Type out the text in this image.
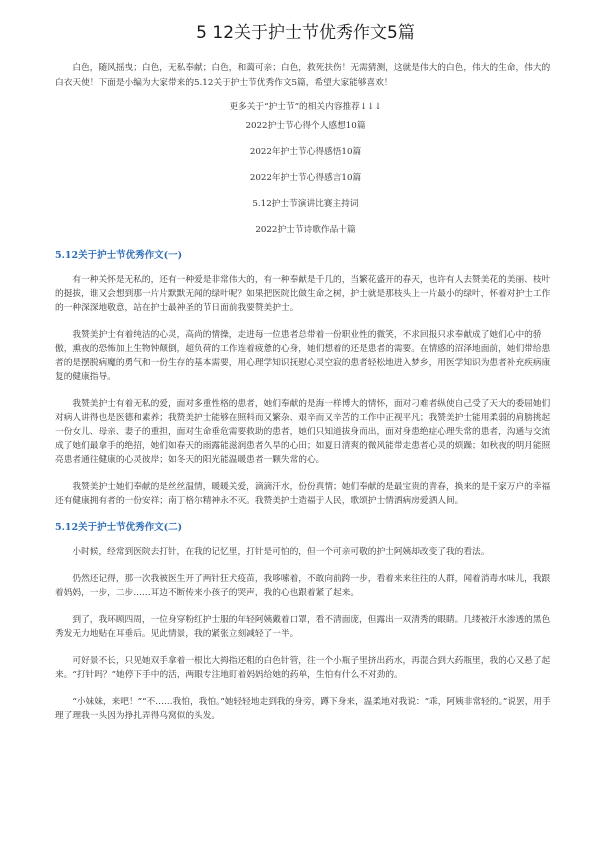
5 12关于护士节优秀作文5篇

白色，随风摇曳；白色，无私奉献；白色，和蔼可亲；白色，救死扶伤！无需猜测，这就是伟大的白色，伟大的生命，伟大的白衣天使！下面是小编为大家带来的5.12关于护士节优秀作文5篇，希望大家能够喜欢！

更多关于“护士节”的相关内容推荐↓↓↓

2022护士节心得个人感想10篇
2022年护士节心得感悟10篇
2022年护士节心得感言10篇
5.12护士节演讲比赛主持词
2022护士节诗歌作品十篇
5.12关于护士节优秀作文(一)

有一种关怀是无私的，还有一种爱是非常伟大的，有一种奉献是千几的，当繁花盛开的春天，也许有人去赞美花的美丽、枝叶的挺拔，谁又会想到那一片片默默无闻的绿叶呢？如果把医院比做生命之树，护士就是那枝头上一片最小的绿叶，怀着对护士工作的一种深深地敬意，站在护士最神圣的节日面前我要赞美护士。

我赞美护士有着纯洁的心灵，高尚的情操，走进每一位患者总带着一份职业性的微笑，不求回报只求奉献成了她们心中的骄傲，熏夜的恐怖加上生物钟颠倒，超负荷的工作连着疲惫的心身，她们想着的还是患者的需要。在情感的沼泽地面前，她们带给患者的是摆脱病魔的勇气和一份生存的基本需要，用心理学知识抚慰心灵空寂的患者轻松地进入梦乡，用医学知识为患者补充疾病康复的健康指导。

我赞美护士有着无私的爱，面对多重性格的患者，她们奉献的是海一样博大的情怀，面对刁难者纵使自己受了天大的委屈她们对病人讲得也是医德和素养；我赞美护士能够在照料而又繁杂、艰辛而又辛苦的工作中正视平凡；我赞美护士能用柔弱的肩膀挑起一份女儿、母亲、妻子的重担，面对生命垂危需要救助的患者，她们只知道拔身而出，面对身患绝症心理失常的患者，沟通与交流成了她们最拿手的绝招，她们如春天的雨露能滋润患者久旱的心田；如夏日清爽的微风能带走患者心灵的烦躁；如秋夜的明月能照亮患者通往健康的心灵彼岸；如冬天的阳光能温暖患者一颗失常的心。

我赞美护士她们奉献的是丝丝温情，暖暖关爱，滴滴汗水，份份真情；她们奉献的是最宝贵的青春，换来的是千家万户的幸福还有健康拥有者的一份安祥；南丁格尔精神永不灭。我赞美护士造福于人民，歌颂护士情洒病房爱洒人间。

5.12关于护士节优秀作文(二)

小时候，经常到医院去打针，在我的记忆里，打针是可怕的，但一个可亲可敬的护士阿姨却改变了我的看法。

仍然还记得，那一次我被医生开了两针狂犬疫苗，我哆嗦着，不敢向前跨一步，看着来来往往的人群，闻着消毒水味儿，我跟着妈妈，一步，二步……耳边不断传来小孩子的哭声，我的心也跟着紧了起来。

到了，我环顾四周，一位身穿粉红护士服的年轻阿姨戴着口罩，看不清面庞，但露出一双清秀的眼睛。几缕被汗水渗透的黑色秀发无力地贴在耳垂后。见此情景，我的紧张立刻减轻了一半。

可好景不长，只见她双手拿着一根比大拇指还粗的白色针管，往一个小瓶子里挤出药水，再混合到大药瓶里，我的心又悬了起来。“打针吗？”她停下手中的活，两眼专注地盯着妈妈给她的药单，生怕有什么不对劲的。

“小妹妹，来吧！”“不……我怕，我怕。”她轻轻地走到我的身旁，蹲下身来，温柔地对我说：“乖，阿姨非常轻的。”说罢，用手理了理我一头因为挣扎弄得乌窝似的头发。
